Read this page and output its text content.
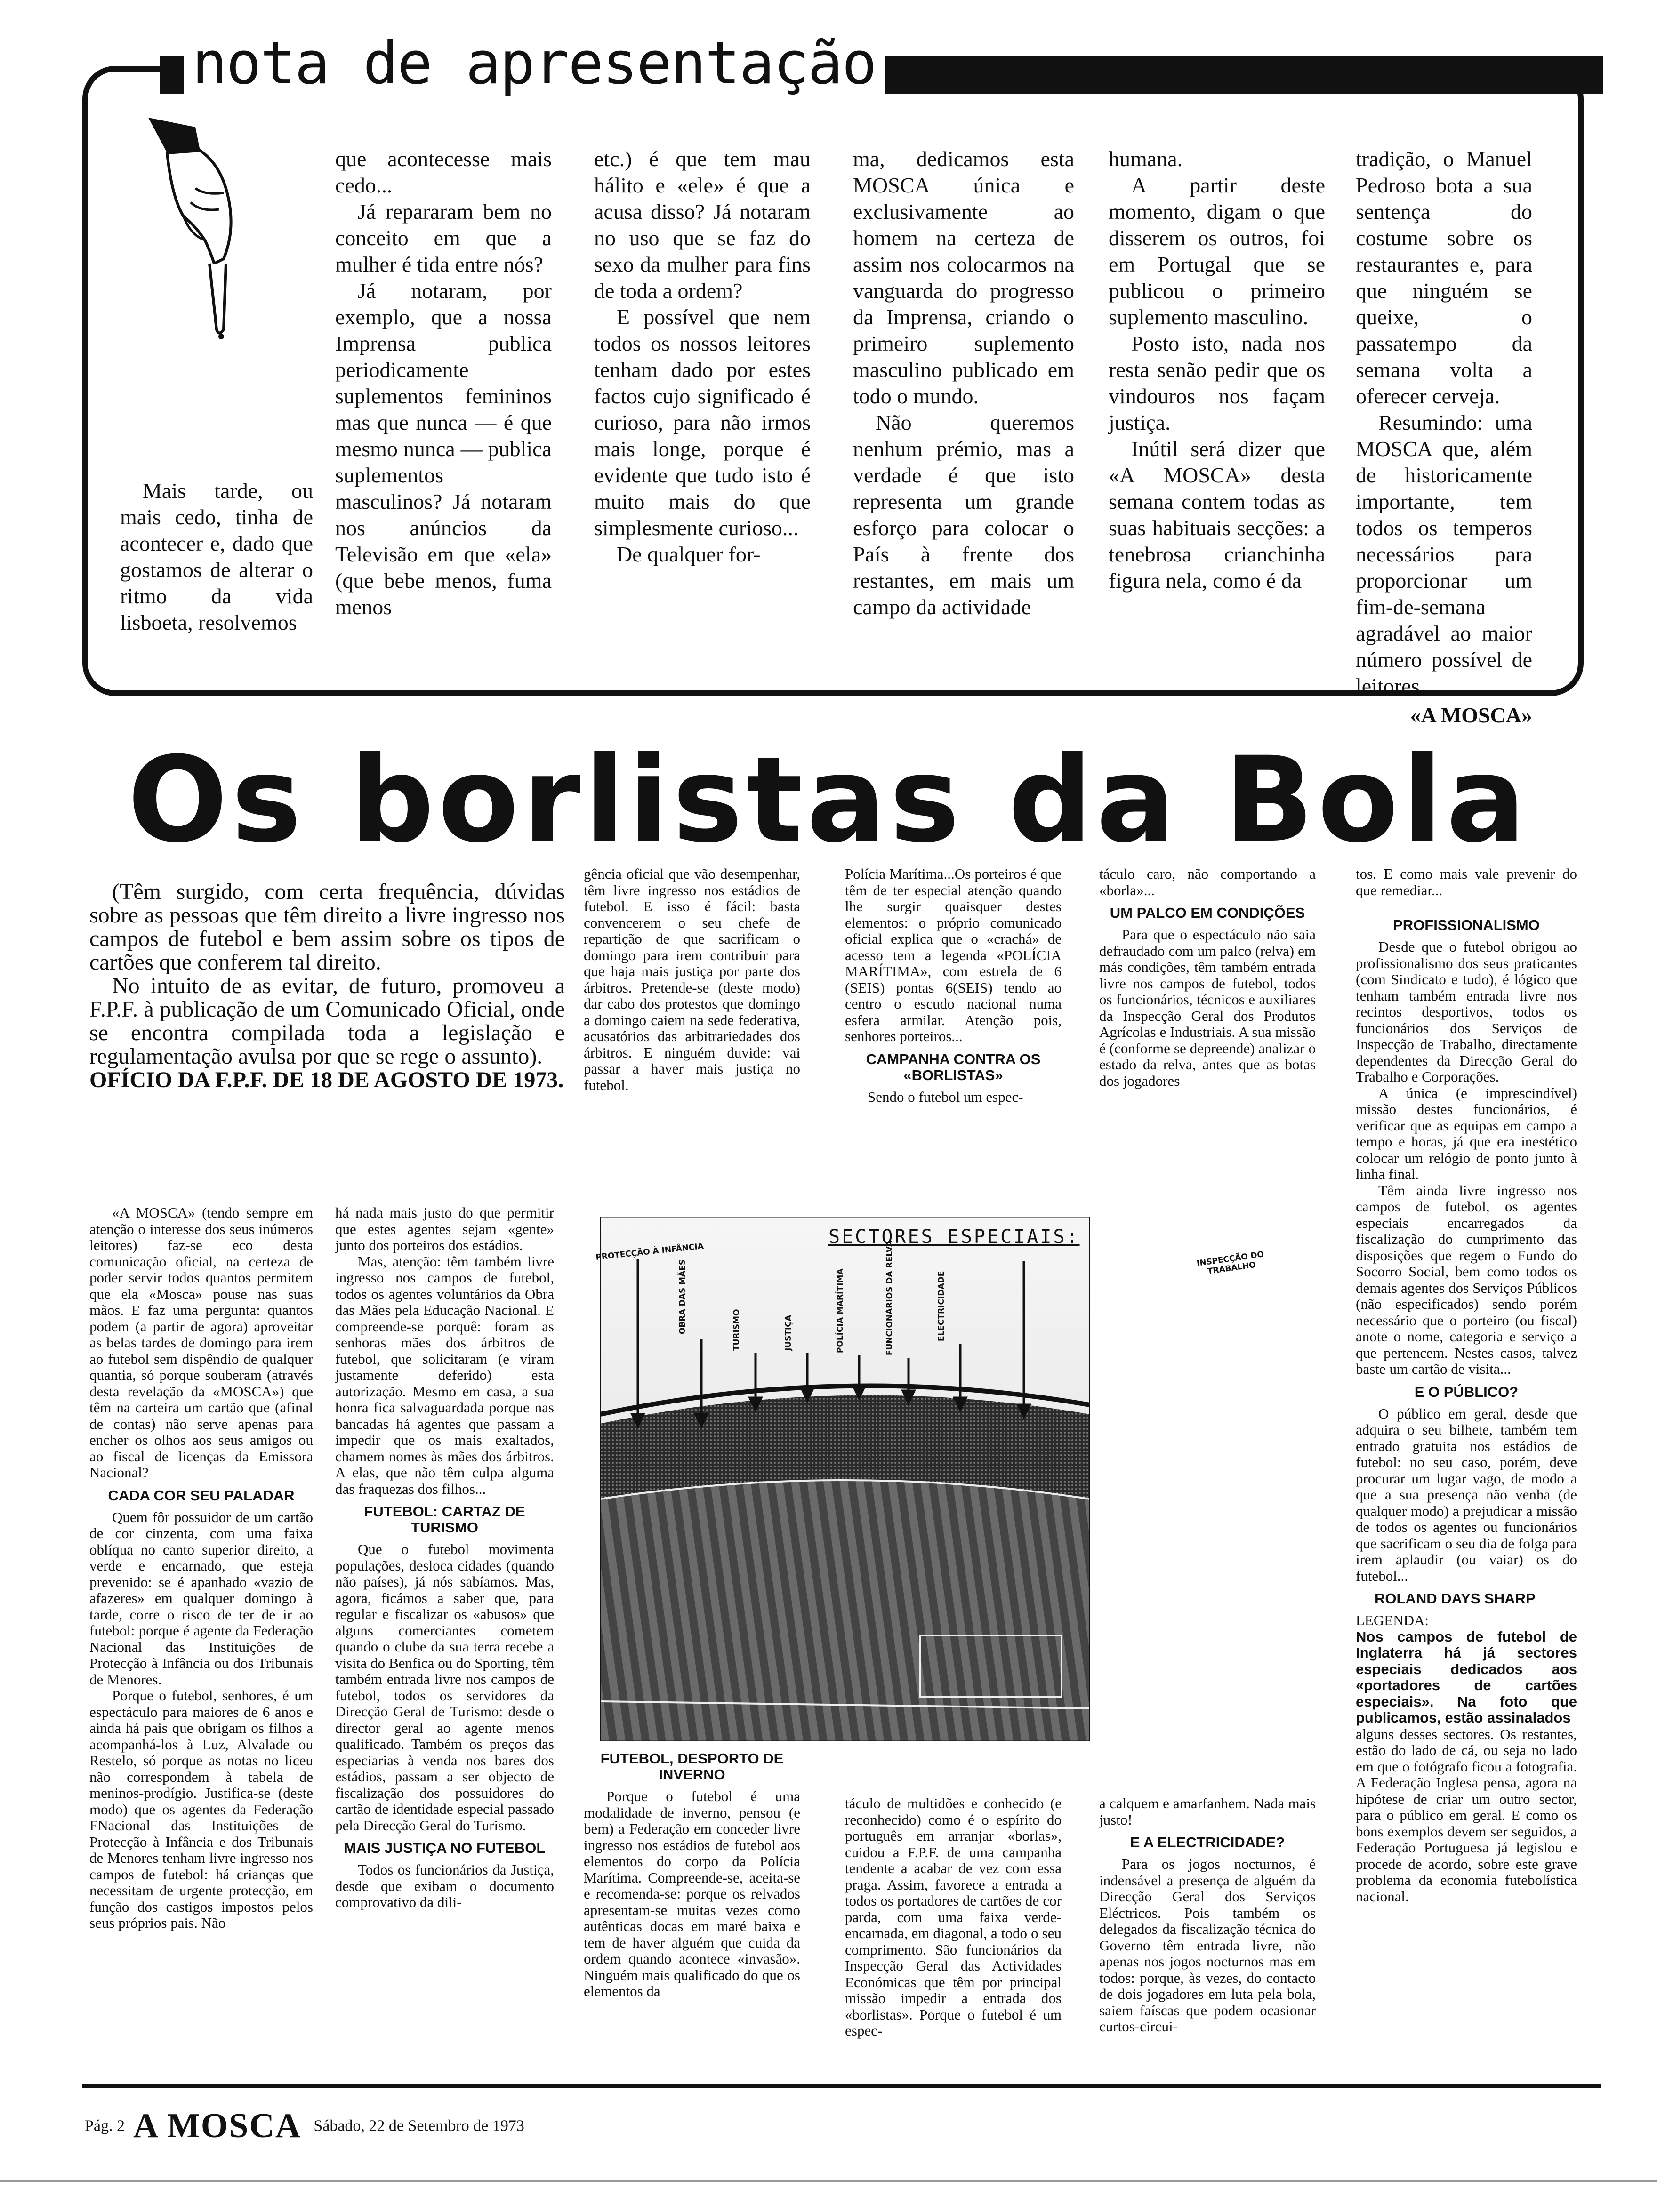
nota de apresentação

Mais tarde, ou mais cedo, tinha de acontecer e, dado que gostamos de alterar o ritmo da vida lisboeta, resolvemos

que acontecesse mais cedo...

Já repararam bem no conceito em que a mulher é tida entre nós?

Já notaram, por exemplo, que a nossa Imprensa publica periodicamente suplementos femininos mas que nunca — é que mesmo nunca — publica suplementos masculinos? Já notaram nos anúncios da Televisão em que «ela» (que bebe menos, fuma menos

etc.) é que tem mau hálito e «ele» é que a acusa disso? Já notaram no uso que se faz do sexo da mulher para fins de toda a ordem?

E possível que nem todos os nossos leitores tenham dado por estes factos cujo significado é curioso, para não irmos mais longe, porque é evidente que tudo isto é muito mais do que simplesmente curioso...

De qualquer for-

ma, dedicamos esta MOSCA única e exclusivamente ao homem na certeza de assim nos colocarmos na vanguarda do progresso da Imprensa, criando o primeiro suplemento masculino publicado em todo o mundo.

Não queremos nenhum prémio, mas a verdade é que isto representa um grande esforço para colocar o País à frente dos restantes, em mais um campo da actividade

humana.

A partir deste momento, digam o que disserem os outros, foi em Portugal que se publicou o primeiro suplemento masculino.

Posto isto, nada nos resta senão pedir que os vindouros nos façam justiça.

Inútil será dizer que «A MOSCA» desta semana contem todas as suas habituais secções: a tenebrosa crianchinha figura nela, como é da

tradição, o Manuel Pedroso bota a sua sentença do costume sobre os restaurantes e, para que ninguém se queixe, o passatempo da semana volta a oferecer cerveja.

Resumindo: uma MOSCA que, além de historicamente importante, tem todos os temperos necessários para proporcionar um fim-de-semana agradável ao maior número possível de leitores.

«A MOSCA»

Os borlistas da Bola

(Têm surgido, com certa frequência, dúvidas sobre as pessoas que têm direito a livre ingresso nos campos de futebol e bem assim sobre os tipos de cartões que conferem tal direito.

No intuito de as evitar, de futuro, promoveu a F.P.F. à publicação de um Comunicado Oficial, onde se encontra compilada toda a legislação e regulamentação avulsa por que se rege o assunto).

OFÍCIO DA F.P.F. DE 18 DE AGOSTO DE 1973.

gência oficial que vão desempenhar, têm livre ingresso nos estádios de futebol. E isso é fácil: basta convencerem o seu chefe de repartição de que sacrificam o domingo para irem contribuir para que haja mais justiça por parte dos árbitros. Pretende-se (deste modo) dar cabo dos protestos que domingo a domingo caiem na sede federativa, acusatórios das arbitrariedades dos árbitros. E ninguém duvide: vai passar a haver mais justiça no futebol.

Polícia Marítima...Os porteiros é que têm de ter especial atenção quando lhe surgir quaisquer destes elementos: o próprio comunicado oficial explica que o «crachá» de acesso tem a legenda «POLÍCIA MARÍTIMA», com estrela de 6 (SEIS) pontas 6(SEIS) tendo ao centro o escudo nacional numa esfera armilar. Atenção pois, senhores porteiros...

CAMPANHA CONTRA OS «BORLISTAS»

Sendo o futebol um espec-

táculo caro, não comportando a «borla»...

UM PALCO EM CONDIÇÕES

Para que o espectáculo não saia defraudado com um palco (relva) em más condições, têm também entrada livre nos campos de futebol, todos os funcionários, técnicos e auxiliares da Inspecção Geral dos Produtos Agrícolas e Industriais. A sua missão é (conforme se depreende) analizar o estado da relva, antes que as botas dos jogadores

tos. E como mais vale prevenir do que remediar...

PROFISSIONALISMO

Desde que o futebol obrigou ao profissionalismo dos seus praticantes (com Sindicato e tudo), é lógico que tenham também entrada livre nos recintos desportivos, todos os funcionários dos Serviços de Inspecção de Trabalho, directamente dependentes da Direcção Geral do Trabalho e Corporações.

A única (e imprescindível) missão destes funcionários, é verificar que as equipas em campo a tempo e horas, já que era inestético colocar um relógio de ponto junto à linha final.

Têm ainda livre ingresso nos campos de futebol, os agentes especiais encarregados da fiscalização do cumprimento das disposições que regem o Fundo do Socorro Social, bem como todos os demais agentes dos Serviços Públicos (não especificados) sendo porém necessário que o porteiro (ou fiscal) anote o nome, categoria e serviço a que pertencem. Nestes casos, talvez baste um cartão de visita...

E O PÚBLICO?

O público em geral, desde que adquira o seu bilhete, também tem entrado gratuita nos estádios de futebol: no seu caso, porém, deve procurar um lugar vago, de modo a que a sua presença não venha (de qualquer modo) a prejudicar a missão de todos os agentes ou funcionários que sacrificam o seu dia de folga para irem aplaudir (ou vaiar) os do futebol...

ROLAND DAYS SHARP

LEGENDA:

Nos campos de futebol de Inglaterra há já sectores especiais dedicados aos «portadores de cartões especiais». Na foto que publicamos, estão assinalados

alguns desses sectores. Os restantes, estão do lado de cá, ou seja no lado em que o fotógrafo ficou a fotografia. A Federação Inglesa pensa, agora na hipótese de criar um outro sector, para o público em geral. E como os bons exemplos devem ser seguidos, a Federação Portuguesa já legislou e procede de acordo, sobre este grave problema da economia futebolística nacional.

«A MOSCA» (tendo sempre em atenção o interesse dos seus inúmeros leitores) faz-se eco desta comunicação oficial, na certeza de poder servir todos quantos permitem que ela «Mosca» pouse nas suas mãos. E faz uma pergunta: quantos podem (a partir de agora) aproveitar as belas tardes de domingo para irem ao futebol sem dispêndio de qualquer quantia, só porque souberam (através desta revelação da «MOSCA») que têm na carteira um cartão que (afinal de contas) não serve apenas para encher os olhos aos seus amigos ou ao fiscal de licenças da Emissora Nacional?

CADA COR SEU PALADAR

Quem fôr possuidor de um cartão de cor cinzenta, com uma faixa oblíqua no canto superior direito, a verde e encarnado, que esteja prevenido: se é apanhado «vazio de afazeres» em qualquer domingo à tarde, corre o risco de ter de ir ao futebol: porque é agente da Federação Nacional das Instituições de Protecção à Infância ou dos Tribunais de Menores.

Porque o futebol, senhores, é um espectáculo para maiores de 6 anos e ainda há pais que obrigam os filhos a acompanhá-los à Luz, Alvalade ou Restelo, só porque as notas no liceu não correspondem à tabela de meninos-prodígio. Justifica-se (deste modo) que os agentes da Federação FNacional das Instituições de Protecção à Infância e dos Tribunais de Menores tenham livre ingresso nos campos de futebol: há crianças que necessitam de urgente protecção, em função dos castigos impostos pelos seus próprios pais. Não

há nada mais justo do que permitir que estes agentes sejam «gente» junto dos porteiros dos estádios.

Mas, atenção: têm também livre ingresso nos campos de futebol, todos os agentes voluntários da Obra das Mães pela Educação Nacional. E compreende-se porquê: foram as senhoras mães dos árbitros de futebol, que solicitaram (e viram justamente deferido) esta autorização. Mesmo em casa, a sua honra fica salvaguardada porque nas bancadas há agentes que passam a impedir que os mais exaltados, chamem nomes às mães dos árbitros. A elas, que não têm culpa alguma das fraquezas dos filhos...

FUTEBOL: CARTAZ DE TURISMO

Que o futebol movimenta populações, desloca cidades (quando não países), já nós sabíamos. Mas, agora, ficámos a saber que, para regular e fiscalizar os «abusos» que alguns comerciantes cometem quando o clube da sua terra recebe a visita do Benfica ou do Sporting, têm também entrada livre nos campos de futebol, todos os servidores da Direcção Geral de Turismo: desde o director geral ao agente menos qualificado. Também os preços das especiarias à venda nos bares dos estádios, passam a ser objecto de fiscalização dos possuidores do cartão de identidade especial passado pela Direcção Geral do Turismo.

MAIS JUSTIÇA NO FUTEBOL

Todos os funcionários da Justiça, desde que exibam o documento comprovativo da dili-

SECTORES ESPECIAIS:
PROTECÇÃO À INFÂNCIA
OBRA DAS MÃES	TURISMO	JUSTIÇA	POLÍCIA MARÍTIMA	FUNCIONÁRIOS DA RELVA	ELECTRICIDADE
INSPECÇÃO DO TRABALHO

FUTEBOL, DESPORTO DE INVERNO

Porque o futebol é uma modalidade de inverno, pensou (e bem) a Federação em conceder livre ingresso nos estádios de futebol aos elementos do corpo da Polícia Marítima. Compreende-se, aceita-se e recomenda-se: porque os relvados apresentam-se muitas vezes como autênticas docas em maré baixa e tem de haver alguém que cuida da ordem quando acontece «invasão». Ninguém mais qualificado do que os elementos da

táculo de multidões e conhecido (e reconhecido) como é o espírito do português em arranjar «borlas», cuidou a F.P.F. de uma campanha tendente a acabar de vez com essa praga. Assim, favorece a entrada a todos os portadores de cartões de cor parda, com uma faixa verde-encarnada, em diagonal, a todo o seu comprimento. São funcionários da Inspecção Geral das Actividades Económicas que têm por principal missão impedir a entrada dos «borlistas». Porque o futebol é um espec-

a calquem e amarfanhem. Nada mais justo!

E A ELECTRICIDADE?

Para os jogos nocturnos, é indensável a presença de alguém da Direcção Geral dos Serviços Eléctricos. Pois também os delegados da fiscalização técnica do Governo têm entrada livre, não apenas nos jogos nocturnos mas em todos: porque, às vezes, do contacto de dois jogadores em luta pela bola, saiem faíscas que podem ocasionar curtos-circui-

Pág. 2 A MOSCA Sábado, 22 de Setembro de 1973
